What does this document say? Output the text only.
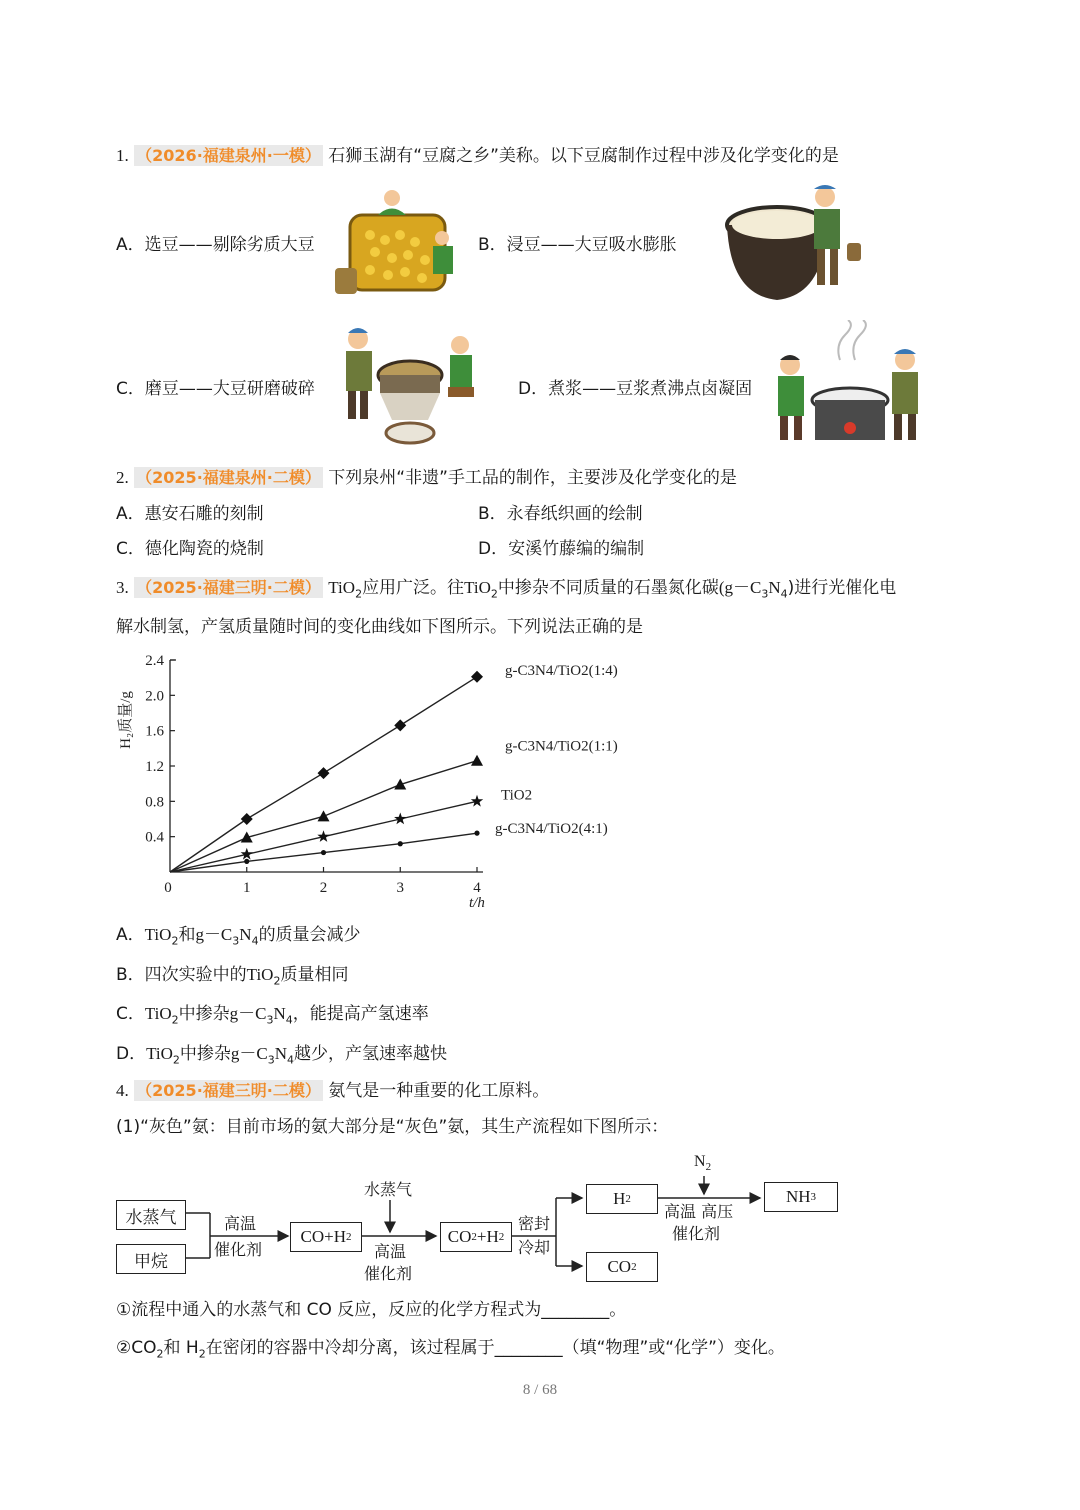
1. （2026·福建泉州·一模） 石狮玉湖有“豆腐之乡”美称。以下豆腐制作过程中涉及化学变化的是
A．选豆——剔除劣质大豆	B．浸豆——大豆吸水膨胀
C．磨豆——大豆研磨破碎	D．煮浆——豆浆煮沸点卤凝固
2. （2025·福建泉州·二模） 下列泉州“非遗”手工品的制作，主要涉及化学变化的是
A．惠安石雕的刻制	B．永春纸织画的绘制
C．德化陶瓷的烧制	D．安溪竹藤编的编制
3. （2025·福建三明·二模） TiO$_2$应用广泛。往TiO$_2$中掺杂不同质量的石墨氮化碳$(g-C_3N_4)$进行光催化电
解水制氢，产氢质量随时间的变化曲线如下图所示。下列说法正确的是
0.4
0.8
1.2
1.6
2.0
2.4
0	1	2	3	4
t/h
H₂质量/g
g-C3N4/TiO2(1:4)
g-C3N4/TiO2(1:1)
TiO2
g-C3N4/TiO2(4:1)
A．TiO$_2$和$g-C_3N_4$的质量会减少
B．四次实验中的TiO$_2$质量相同
C．TiO$_2$中掺杂$g-C_3N_4$，能提高产氢速率
D．TiO$_2$中掺杂$g-C_3N_4$越少，产氢速率越快
4. （2025·福建三明·二模） 氨气是一种重要的化工原料。
(1)“灰色”氨：目前市场的氨大部分是“灰色”氨，其生产流程如下图所示：
水蒸气
甲烷
高温
催化剂
CO+H 2
水蒸气
高温
催化剂
CO 2 +H 2
密封
冷却
H 2
CO 2
$N_2$
高温 高压
催化剂
NH 3
①流程中通入的水蒸气和 CO 反应，反应的化学方程式为________。
$②CO_2$和 $H_2$在密闭的容器中冷却分离，该过程属于________（填“物理”或“化学”）变化。
8 / 68
